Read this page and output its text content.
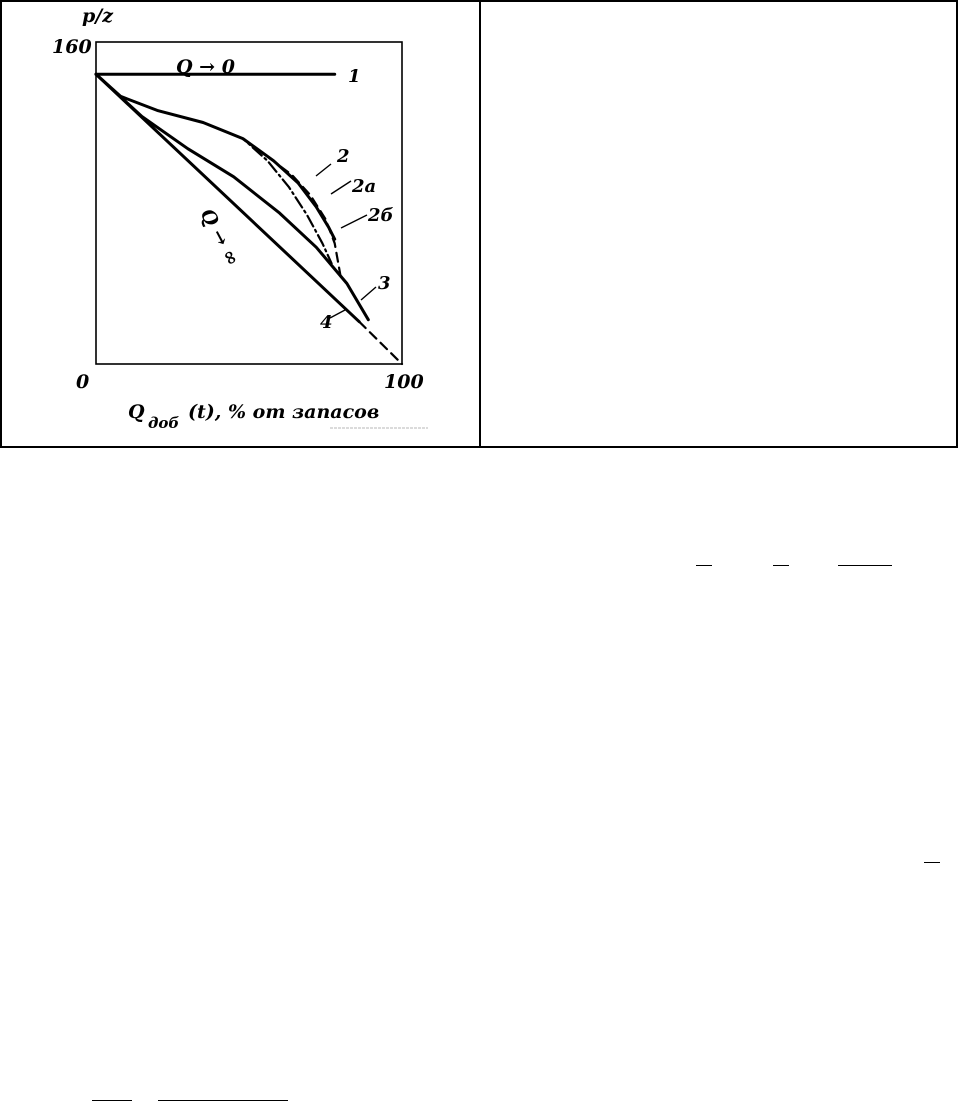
1
2
2a
2б
3
4
p/z
160
0	100
Q → 0
Q → ∞
Q доб (t), % от запасов
